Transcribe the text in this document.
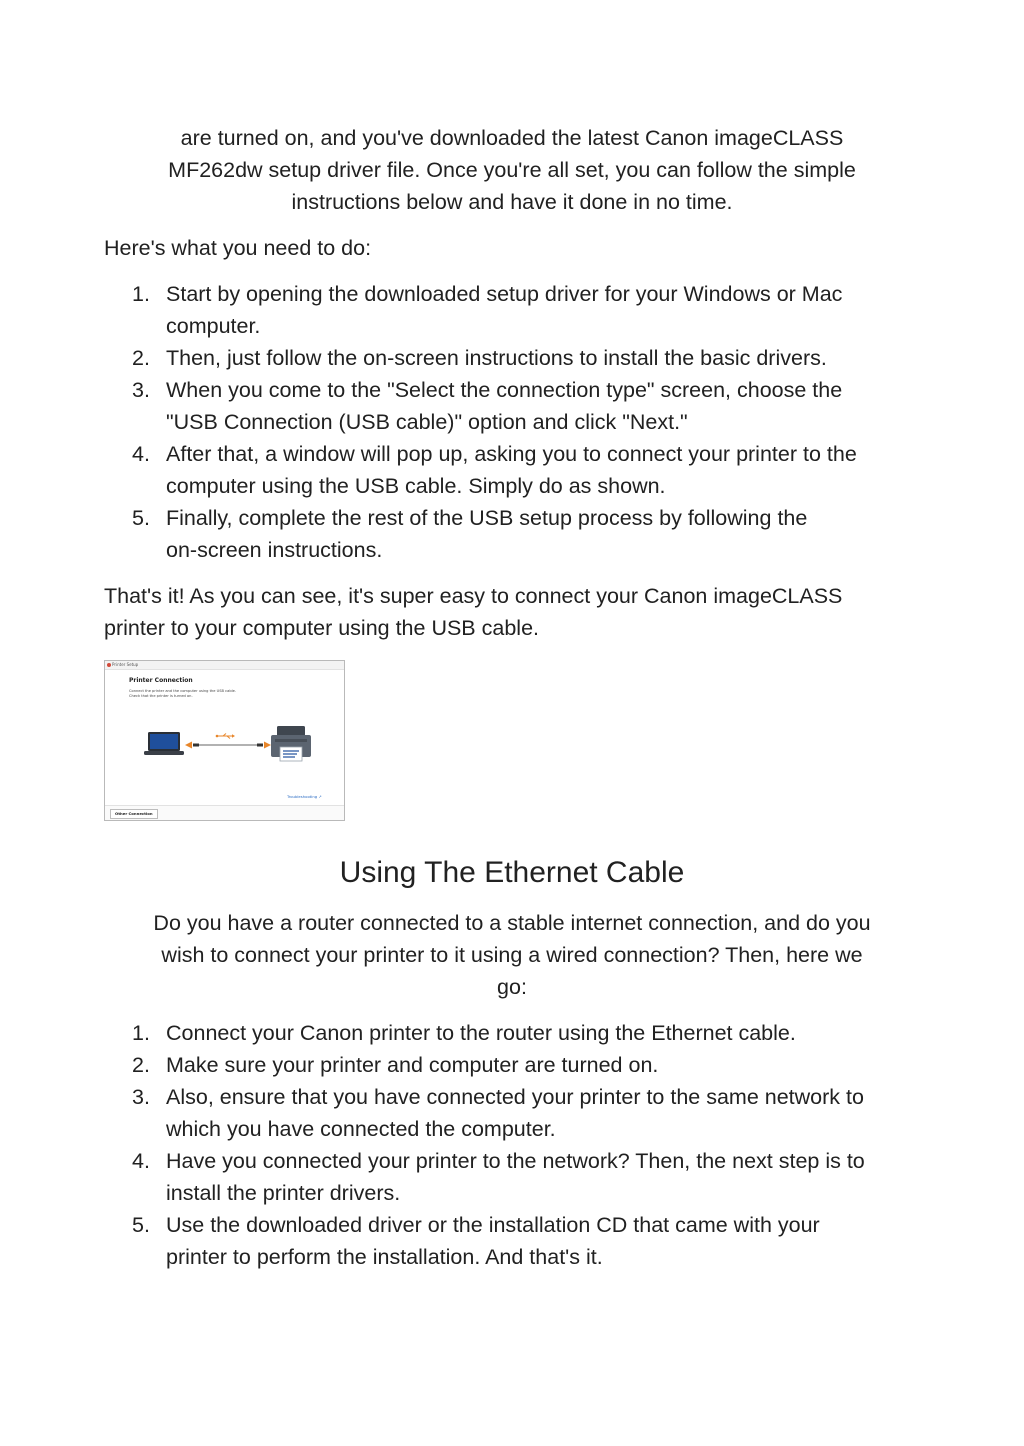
are turned on, and you've downloaded the latest Canon imageCLASS
MF262dw setup driver file. Once you're all set, you can follow the simple
instructions below and have it done in no time.

Here's what you need to do:

1. Start by opening the downloaded setup driver for your Windows or Mac
computer.
2. Then, just follow the on-screen instructions to install the basic drivers.
3. When you come to the "Select the connection type" screen, choose the
"USB Connection (USB cable)" option and click "Next."
4. After that, a window will pop up, asking you to connect your printer to the
computer using the USB cable. Simply do as shown.
5. Finally, complete the rest of the USB setup process by following the
on-screen instructions.

That's it! As you can see, it's super easy to connect your Canon imageCLASS
printer to your computer using the USB cable.

Printer Setup
Printer Connection
Connect the printer and the computer using the USB cable.
Check that the printer is turned on.
Troubleshooting ↗
Other Connection
Using The Ethernet Cable

Do you have a router connected to a stable internet connection, and do you
wish to connect your printer to it using a wired connection? Then, here we
go:

1. Connect your Canon printer to the router using the Ethernet cable.
2. Make sure your printer and computer are turned on.
3. Also, ensure that you have connected your printer to the same network to
which you have connected the computer.
4. Have you connected your printer to the network? Then, the next step is to
install the printer drivers.
5. Use the downloaded driver or the installation CD that came with your
printer to perform the installation. And that's it.
